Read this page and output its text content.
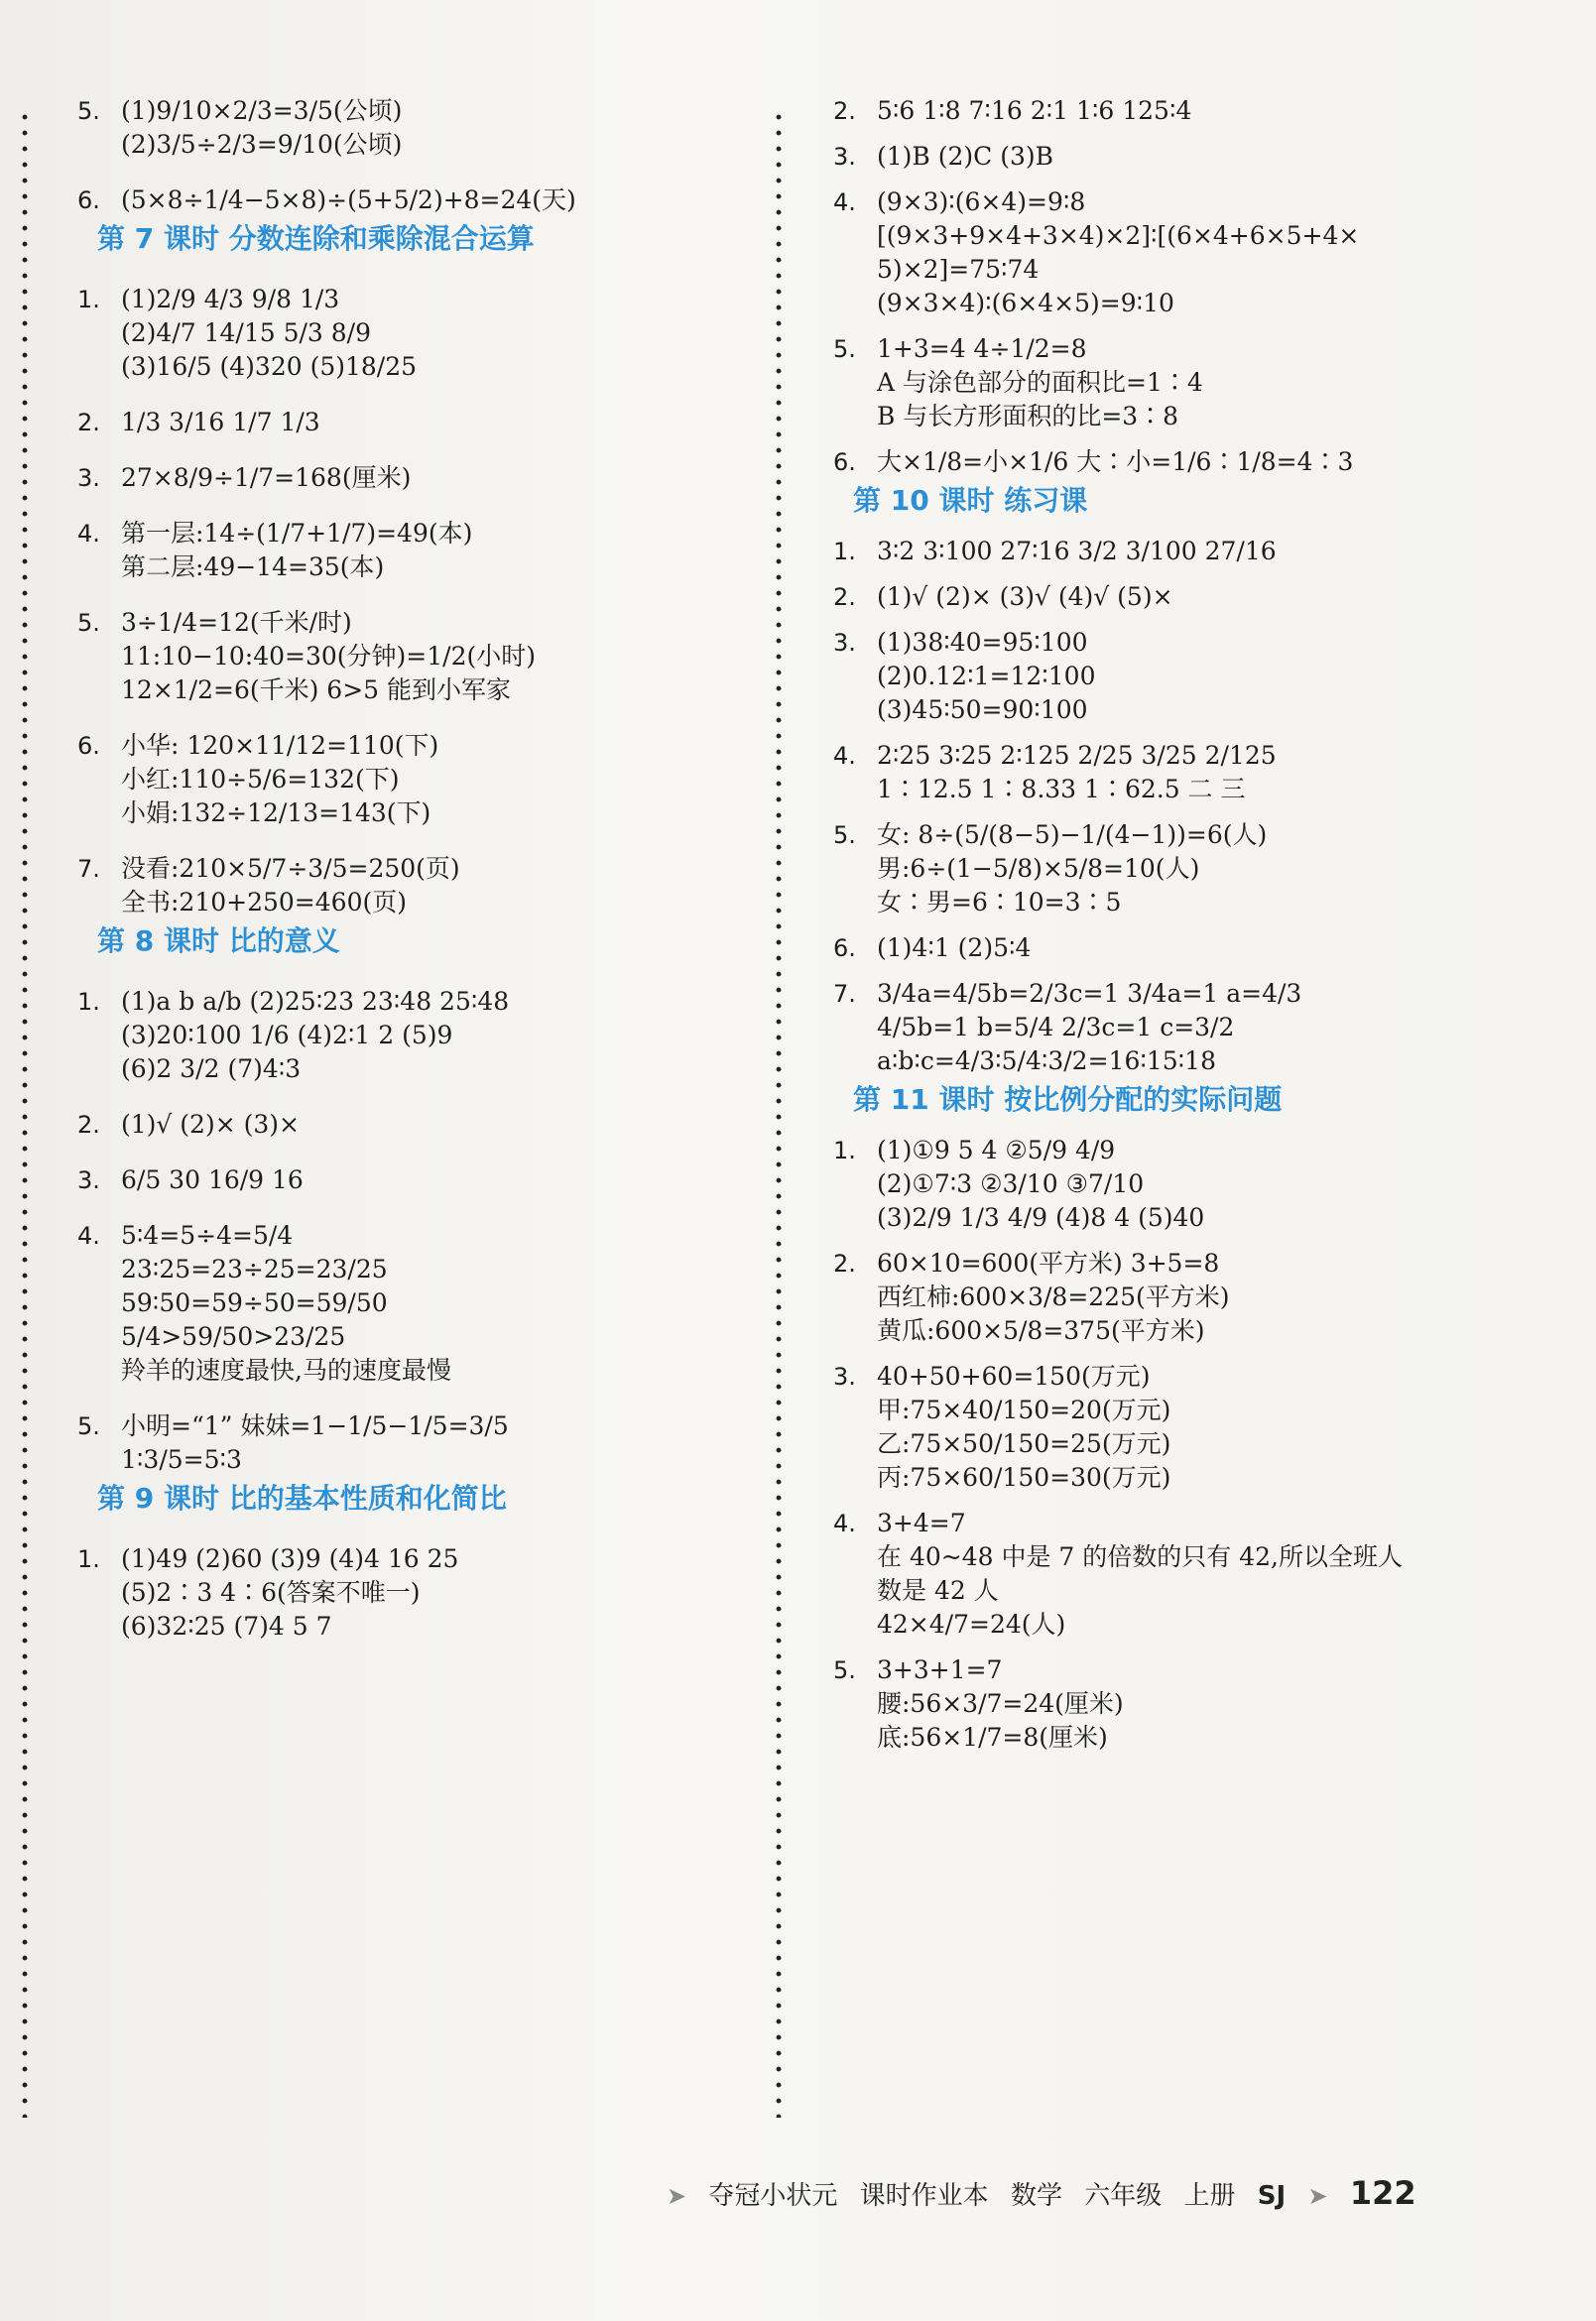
5. (1)9/10×2/3=3/5(公顷)
(2)3/5÷2/3=9/10(公顷)
6. (5×8÷1/4−5×8)÷(5+5/2)+8=24(天)
第 7 课时 分数连除和乘除混合运算
1. (1)2/9 4/3 9/8 1/3
(2)4/7 14/15 5/3 8/9
(3)16/5 (4)320 (5)18/25
2. 1/3 3/16 1/7 1/3
3. 27×8/9÷1/7=168(厘米)
4. 第一层:14÷(1/7+1/7)=49(本)
第二层:49−14=35(本)
5. 3÷1/4=12(千米/时)
11:10−10:40=30(分钟)=1/2(小时)
12×1/2=6(千米) 6>5 能到小军家
6. 小华: 120×11/12=110(下)
小红:110÷5/6=132(下)
小娟:132÷12/13=143(下)
7. 没看:210×5/7÷3/5=250(页)
全书:210+250=460(页)
第 8 课时 比的意义
1. (1)a b a/b (2)25∶23 23∶48 25∶48
(3)20∶100 1/6 (4)2∶1 2 (5)9
(6)2 3/2 (7)4∶3
2. (1)√ (2)× (3)×
3. 6/5 30 16/9 16
4. 5∶4=5÷4=5/4
23∶25=23÷25=23/25
59∶50=59÷50=59/50
5/4>59/50>23/25
羚羊的速度最快,马的速度最慢
5. 小明=“1” 妹妹=1−1/5−1/5=3/5
1∶3/5=5∶3
第 9 课时 比的基本性质和化简比
1. (1)49 (2)60 (3)9 (4)4 16 25
(5)2∶3 4∶6(答案不唯一)
(6)32∶25 (7)4 5 7
2. 5∶6 1∶8 7∶16 2∶1 1∶6 125∶4
3. (1)B (2)C (3)B
4. (9×3)∶(6×4)=9∶8
[(9×3+9×4+3×4)×2]∶[(6×4+6×5+4×
5)×2]=75∶74
(9×3×4)∶(6×4×5)=9∶10
5. 1+3=4 4÷1/2=8
A 与涂色部分的面积比=1∶4
B 与长方形面积的比=3∶8
6. 大×1/8=小×1/6 大∶小=1/6∶1/8=4∶3
第 10 课时 练习课
1. 3∶2 3∶100 27∶16 3/2 3/100 27/16
2. (1)√ (2)× (3)√ (4)√ (5)×
3. (1)38∶40=95∶100
(2)0.12∶1=12∶100
(3)45∶50=90∶100
4. 2∶25 3∶25 2∶125 2/25 3/25 2/125
1∶12.5 1∶8.33 1∶62.5 二 三
5. 女: 8÷(5/(8−5)−1/(4−1))=6(人)
男:6÷(1−5/8)×5/8=10(人)
女∶男=6∶10=3∶5
6. (1)4∶1 (2)5∶4
7. 3/4a=4/5b=2/3c=1 3/4a=1 a=4/3
4/5b=1 b=5/4 2/3c=1 c=3/2
a∶b∶c=4/3∶5/4∶3/2=16∶15∶18
第 11 课时 按比例分配的实际问题
1. (1)①9 5 4 ②5/9 4/9
(2)①7∶3 ②3/10 ③7/10
(3)2/9 1/3 4/9 (4)8 4 (5)40
2. 60×10=600(平方米) 3+5=8
西红柿:600×3/8=225(平方米)
黄瓜:600×5/8=375(平方米)
3. 40+50+60=150(万元)
甲:75×40/150=20(万元)
乙:75×50/150=25(万元)
丙:75×60/150=30(万元)
4. 3+4=7
在 40~48 中是 7 的倍数的只有 42,所以全班人
数是 42 人
42×4/7=24(人)
5. 3+3+1=7
腰:56×3/7=24(厘米)
底:56×1/7=8(厘米)
➤ 夺冠小状元 课时作业本 数学 六年级 上册 SJ ➤ 122
